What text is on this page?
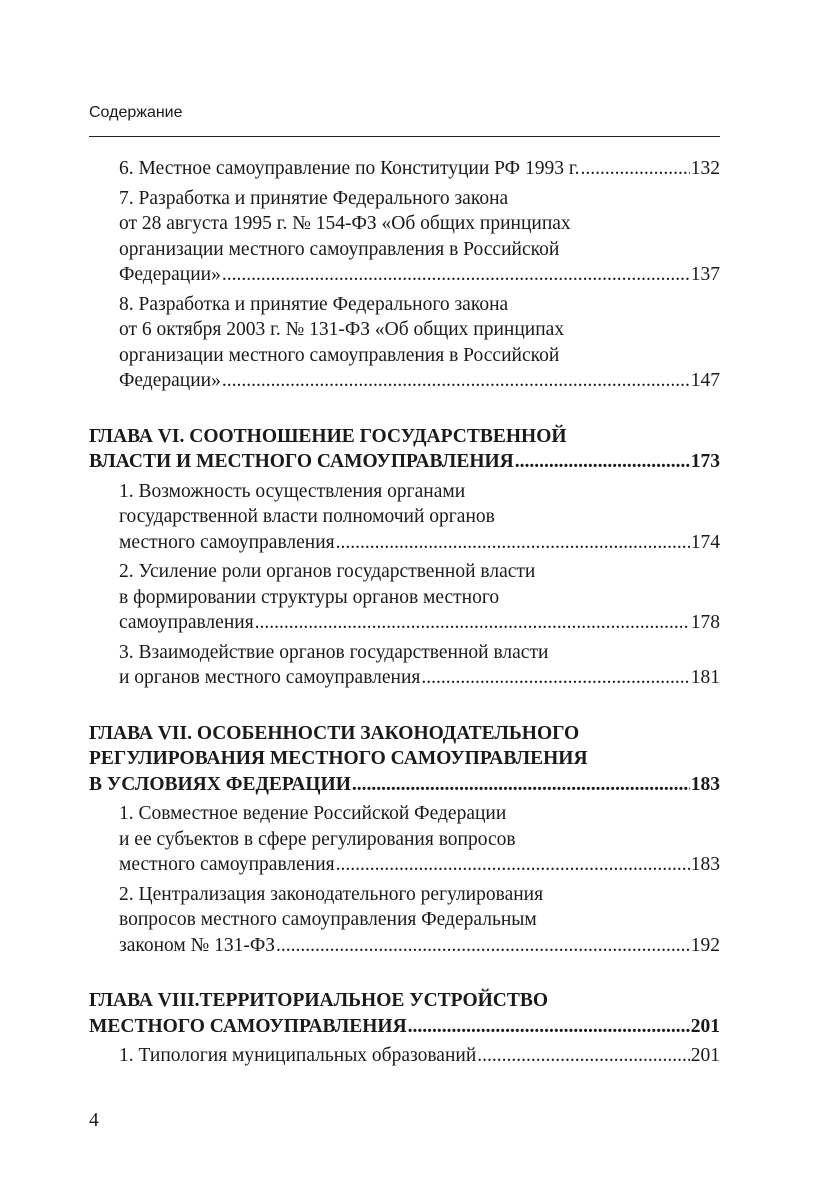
Содержание
6. Местное самоуправление по Конституции РФ 1993 г. .....	132
7. Разработка и принятие Федерального закона
от 28 августа 1995 г. № 154-ФЗ «Об общих принципах
организации местного самоуправления в Российской
Федерации» .....	137
8. Разработка и принятие Федерального закона
от 6 октября 2003 г. № 131-ФЗ «Об общих принципах
организации местного самоуправления в Российской
Федерации» .....	147
ГЛАВА VI. СООТНОШЕНИЕ ГОСУДАРСТВЕННОЙ
ВЛАСТИ И МЕСТНОГО САМОУПРАВЛЕНИЯ .....	173
1. Возможность осуществления органами
государственной власти полномочий органов
местного самоуправления .....	174
2. Усиление роли органов государственной власти
в формировании структуры органов местного
самоуправления .....	178
3. Взаимодействие органов государственной власти
и органов местного самоуправления .....	181
ГЛАВА VII. ОСОБЕННОСТИ ЗАКОНОДАТЕЛЬНОГО
РЕГУЛИРОВАНИЯ МЕСТНОГО САМОУПРАВЛЕНИЯ
В УСЛОВИЯХ ФЕДЕРАЦИИ .....	183
1. Совместное ведение Российской Федерации
и ее субъектов в сфере регулирования вопросов
местного самоуправления .....	183
2. Централизация законодательного регулирования
вопросов местного самоуправления Федеральным
законом № 131-ФЗ .....	192
ГЛАВА VIII.ТЕРРИТОРИАЛЬНОЕ УСТРОЙСТВО
МЕСТНОГО САМОУПРАВЛЕНИЯ .....	201
1. Типология муниципальных образований .....	201
4
